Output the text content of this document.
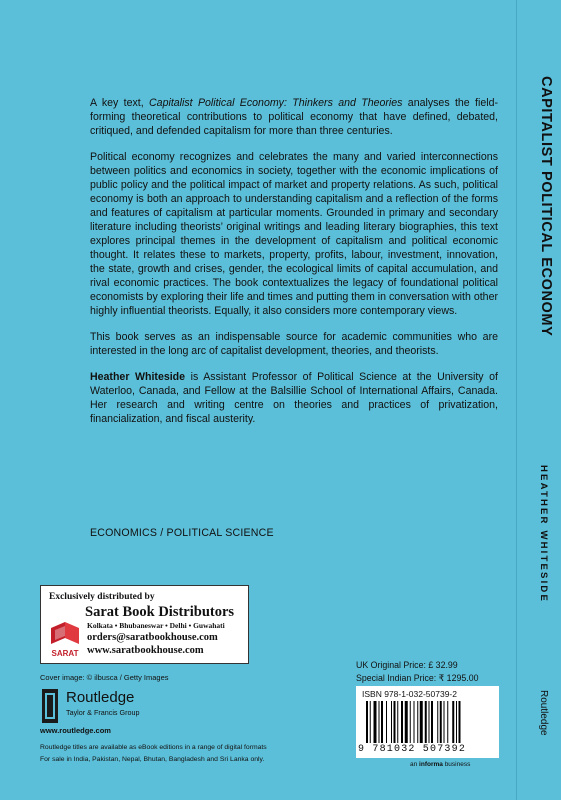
A key text, Capitalist Political Economy: Thinkers and Theories analyses the field-forming theoretical contributions to political economy that have defined, debated, critiqued, and defended capitalism for more than three centuries.

Political economy recognizes and celebrates the many and varied interconnections between politics and economics in society, together with the economic implications of public policy and the political impact of market and property relations. As such, political economy is both an approach to understanding capitalism and a reflection of the forms and features of capitalism at particular moments. Grounded in primary and secondary literature including theorists’ original writings and leading literary biographies, this text explores principal themes in the development of capitalism and political economic thought. It relates these to markets, property, profits, labour, investment, innovation, the state, growth and crises, gender, the ecological limits of capital accumulation, and rival economic practices. The book contextualizes the legacy of foundational political economists by exploring their life and times and putting them in conversation with other highly influential theorists. Equally, it also considers more contemporary views.

This book serves as an indispensable source for academic communities who are interested in the long arc of capitalist development, theories, and theorists.

Heather Whiteside is Assistant Professor of Political Science at the University of Waterloo, Canada, and Fellow at the Balsillie School of International Affairs, Canada. Her research and writing centre on theories and practices of privatization, financialization, and fiscal austerity.

ECONOMICS / POLITICAL SCIENCE
Exclusively distributed by
Sarat Book Distributors
SARAT
Kolkata • Bhubaneswar • Delhi • Guwahati
orders@saratbookhouse.com
www.saratbookhouse.com
Cover image: © ilbusca / Getty Images
Routledge
Taylor & Francis Group
www.routledge.com
Routledge titles are available as eBook editions in a range of digital formats
For sale in India, Pakistan, Nepal, Bhutan, Bangladesh and Sri Lanka only.
UK Original Price: £ 32.99
Special Indian Price: ₹ 1295.00
ISBN 978-1-032-50739-2
9 781032 507392
an informa business
CAPITALIST POLITICAL ECONOMY
HEATHER WHITESIDE
Routledge
